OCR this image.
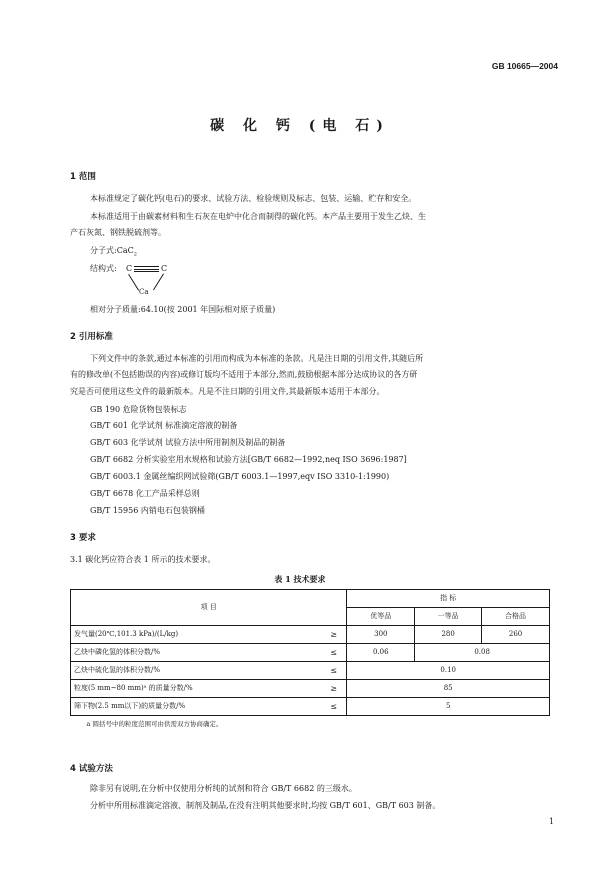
GB 10665—2004
碳 化 钙 (电 石)
1 范围
本标准规定了碳化钙(电石)的要求、试验方法、检验规则及标志、包装、运输、贮存和安全。
本标准适用于由碳素材料和生石灰在电炉中化合而制得的碳化钙。本产品主要用于发生乙炔、生
产石灰氮、钢铁脱硫剂等。
分子式:CaC$_2$
结构式: C	C
Ca
相对分子质量:64.10(按 2001 年国际相对原子质量)
2 引用标准
下列文件中的条款,通过本标准的引用而构成为本标准的条款。凡是注日期的引用文件,其随后所
有的修改单(不包括勘误的内容)或修订版均不适用于本部分,然而,鼓励根据本部分达成协议的各方研
究是否可使用这些文件的最新版本。凡是不注日期的引用文件,其最新版本适用于本部分。
GB 190 危险货物包装标志
GB/T 601 化学试剂 标准滴定溶液的制备
GB/T 603 化学试剂 试验方法中所用制剂及制品的制备
GB/T 6682 分析实验室用水规格和试验方法[GB/T 6682—1992,neq ISO 3696:1987]
GB/T 6003.1 金属丝编织网试验筛(GB/T 6003.1—1997,eqv ISO 3310-1:1990)
GB/T 6678 化工产品采样总则
GB/T 15956 内销电石包装钢桶
3 要求
3.1 碳化钙应符合表 1 所示的技术要求。
表 1 技术要求
项 目		指 标		
		优等品	一等品	合格品
发气量(20℃,101.3 kPa)/(L/kg)	≥	300	280	260
乙炔中磷化氢的体积分数/%	≤	0.06	0.08	
乙炔中硫化氢的体积分数/%	≤	0.10		
粒度(5 mm~80 mm)ᵃ 的质量分数/%	≥	85		
筛下物(2.5 mm以下)的质量分数/%	≤	5		
a 圆括号中的粒度范围可由供需双方协商确定。				
4 试验方法
除非另有说明,在分析中仅使用分析纯的试剂和符合 GB/T 6682 的三级水。
分析中所用标准滴定溶液、制剂及制品,在没有注明其他要求时,均按 GB/T 601、GB/T 603 制备。
1
